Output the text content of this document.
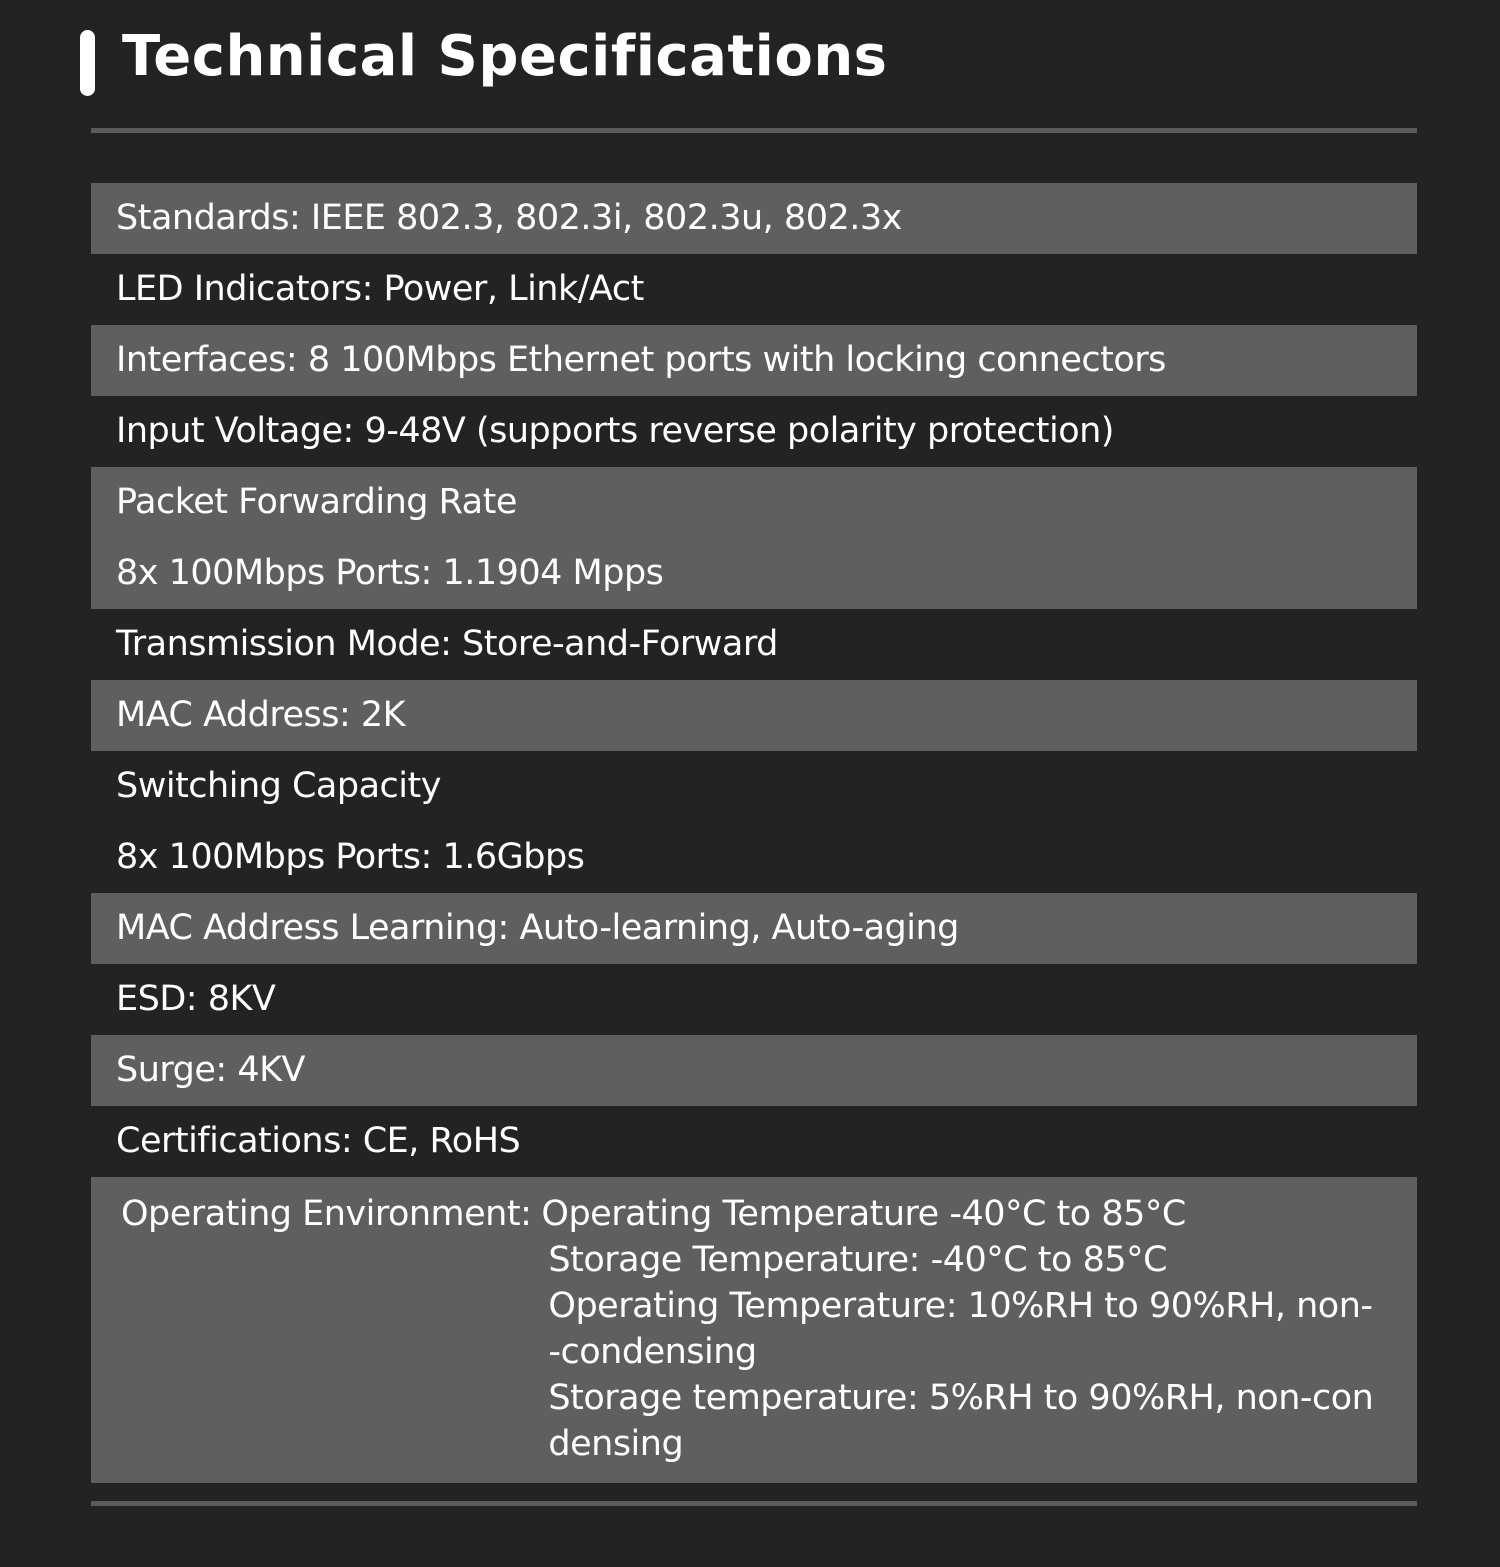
Technical Specifications
Standards: IEEE 802.3, 802.3i, 802.3u, 802.3x
LED Indicators: Power, Link/Act
Interfaces: 8 100Mbps Ethernet ports with locking connectors
Input Voltage: 9-48V (supports reverse polarity protection)
Packet Forwarding Rate
8x 100Mbps Ports: 1.1904 Mpps
Transmission Mode: Store-and-Forward
MAC Address: 2K
Switching Capacity
8x 100Mbps Ports: 1.6Gbps
MAC Address Learning: Auto-learning, Auto-aging
ESD: 8KV
Surge: 4KV
Certifications: CE, RoHS
Operating Environment: Operating Temperature -40°C to 85°C
Storage Temperature: -40°C to 85°C
Operating Temperature: 10%RH to 90%RH, non-
-condensing
Storage temperature: 5%RH to 90%RH, non-con
densing
